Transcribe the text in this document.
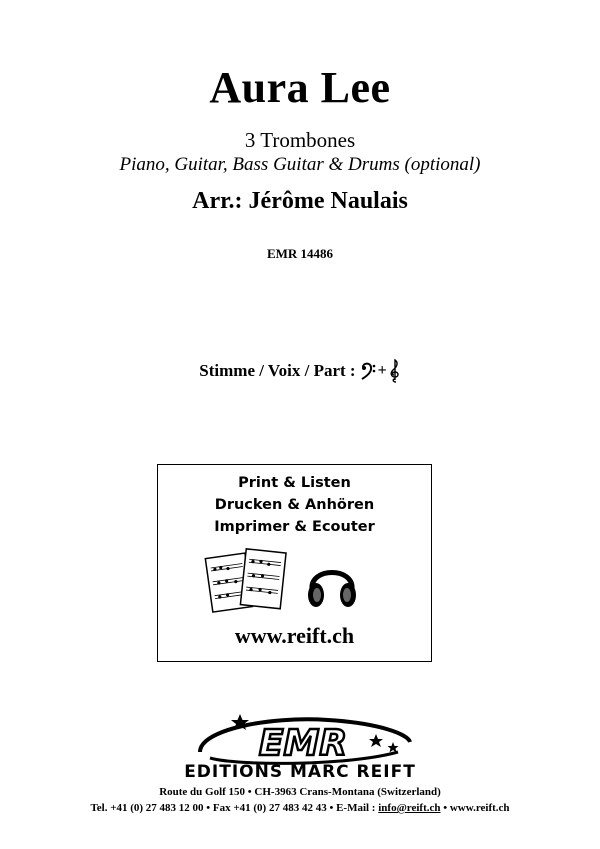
Aura Lee
3 Trombones
Piano, Guitar, Bass Guitar & Drums (optional)
Arr.: Jérôme Naulais
EMR 14486
Stimme / Voix / Part : +
Print & Listen
Drucken & Anhören
Imprimer & Ecouter
www.reift.ch
EMR
EDITIONS MARC REIFT
Route du Golf 150 • CH-3963 Crans-Montana (Switzerland)
Tel. +41 (0) 27 483 12 00 • Fax +41 (0) 27 483 42 43 • E-Mail : info@reift.ch • www.reift.ch
